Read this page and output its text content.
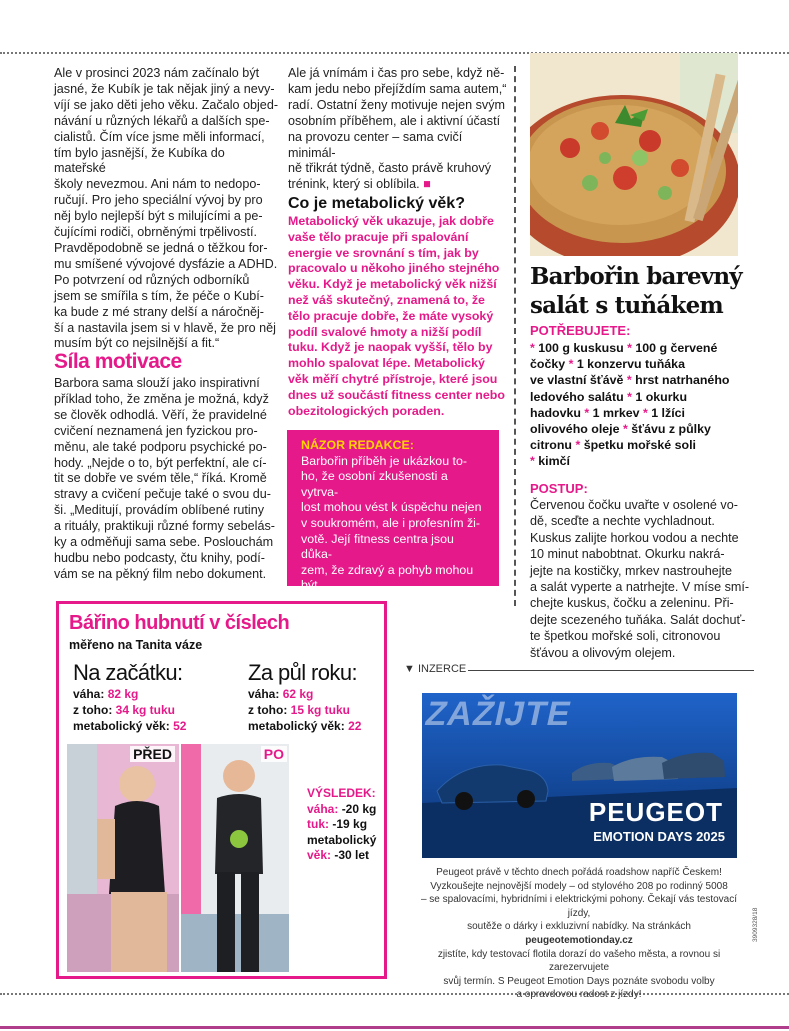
Ale v prosinci 2023 nám začínalo být
jasné, že Kubík je tak nějak jiný a nevy-
víjí se jako děti jeho věku. Začalo objed-
návání u různých lékařů a dalších spe-
cialistů. Čím více jsme měli informací,
tím bylo jasnější, že Kubíka do mateřské
školy nevezmou. Ani nám to nedopo-
ručují. Pro jeho speciální vývoj by pro
něj bylo nejlepší být s milujícími a pe-
čujícími rodiči, obrněnými trpělivostí.
Pravděpodobně se jedná o těžkou for-
mu smíšené vývojové dysfázie a ADHD.
Po potvrzení od různých odborníků
jsem se smířila s tím, že péče o Kubí-
ka bude z mé strany delší a náročněj-
ší a nastavila jsem si v hlavě, že pro něj
musím být co nejsilnější a fit.“
Síla motivace
Barbora sama slouží jako inspirativní
příklad toho, že změna je možná, když
se člověk odhodlá. Věří, že pravidelné
cvičení neznamená jen fyzickou pro-
měnu, ale také podporu psychické po-
hody. „Nejde o to, být perfektní, ale cí-
tit se dobře ve svém těle,“ říká. Kromě
stravy a cvičení pečuje také o svou du-
ši. „Meditují, provádím oblíbené rutiny
a rituály, praktikuji různé formy sebelás-
ky a odměňuji sama sebe. Poslouchám
hudbu nebo podcasty, čtu knihy, podí-
vám se na pěkný film nebo dokument.
Ale já vnímám i čas pro sebe, když ně-
kam jedu nebo přejíždím sama autem,“
radí. Ostatní ženy motivuje nejen svým
osobním příběhem, ale i aktivní účastí
na provozu center – sama cvičí minimál-
ně třikrát týdně, často právě kruhový
trénink, který si oblíbila. ■
Co je metabolický věk?
Metabolický věk ukazuje, jak dobře
vaše tělo pracuje při spalování
energie ve srovnání s tím, jak by
pracovalo u někoho jiného stejného
věku. Když je metabolický věk nižší
než váš skutečný, znamená to, že
tělo pracuje dobře, že máte vysoký
podíl svalové hmoty a nižší podíl
tuku. Když je naopak vyšší, tělo by
mohlo spalovat lépe. Metabolický
věk měří chytré přístroje, které jsou
dnes už součástí fitness center nebo
obezitologických poraden.
NÁZOR REDAKCE:
Barbořin příběh je ukázkou to-
ho, že osobní zkušenosti a vytrva-
lost mohou vést k úspěchu nejen
v soukromém, ale i profesním ži-
votě. Její fitness centra jsou důka-
zem, že zdravý a pohyb mohou být
dostupné všem ženám bez ohledu
na jejich věk či fyzickou kondici.
Barbořin barevný
salát s tuňákem
POTŘEBUJETE:
* 100 g kuskusu * 100 g červené
čočky * 1 konzervu tuňáka
ve vlastní šťávě * hrst natrhaného
ledového salátu * 1 okurku
hadovku * 1 mrkev * 1 lžíci
olivového oleje * šťávu z půlky
citronu * špetku mořské soli
* kimčí
POSTUP:
Červenou čočku uvařte v osolené vo-
dě, sceďte a nechte vychladnout.
Kuskus zalijte horkou vodou a nechte
10 minut nabobtnat. Okurku nakrá-
jejte na kostičky, mrkev nastrouhejte
a salát vyperte a natrhejte. V míse smí-
chejte kuskus, čočku a zeleninu. Při-
dejte scezeného tuňáka. Salát dochuť-
te špetkou mořské soli, citronovou
šťávou a olivovým olejem.
Bářino hubnutí v číslech
měřeno na Tanita váze
Na začátku:
váha: 82 kg
z toho: 34 kg tuku
metabolický věk: 52
Za půl roku:
váha: 62 kg
z toho: 15 kg tuku
metabolický věk: 22
PŘED	PO
VÝSLEDEK:
váha: -20 kg
tuk: -19 kg
metabolický
věk: -30 let
▼ INZERCE
ZAŽIJTE
PEUGEOT
EMOTION DAYS 2025
Peugeot právě v těchto dnech pořádá roadshow napříč Českem!
Vyzkoušejte nejnovější modely – od stylového 208 po rodinný 5008
– se spalovacími, hybridními i elektrickými pohony. Čekají vás testovací jízdy,
soutěže o dárky i exkluzivní nabídky. Na stránkách peugeotemotionday.cz
zjistíte, kdy testovací flotila dorazí do vašeho města, a rovnou si zarezervujete
svůj termín. S Peugeot Emotion Days poznáte svobodu volby
a opravdovou radost z jízdy!
3909328/18
